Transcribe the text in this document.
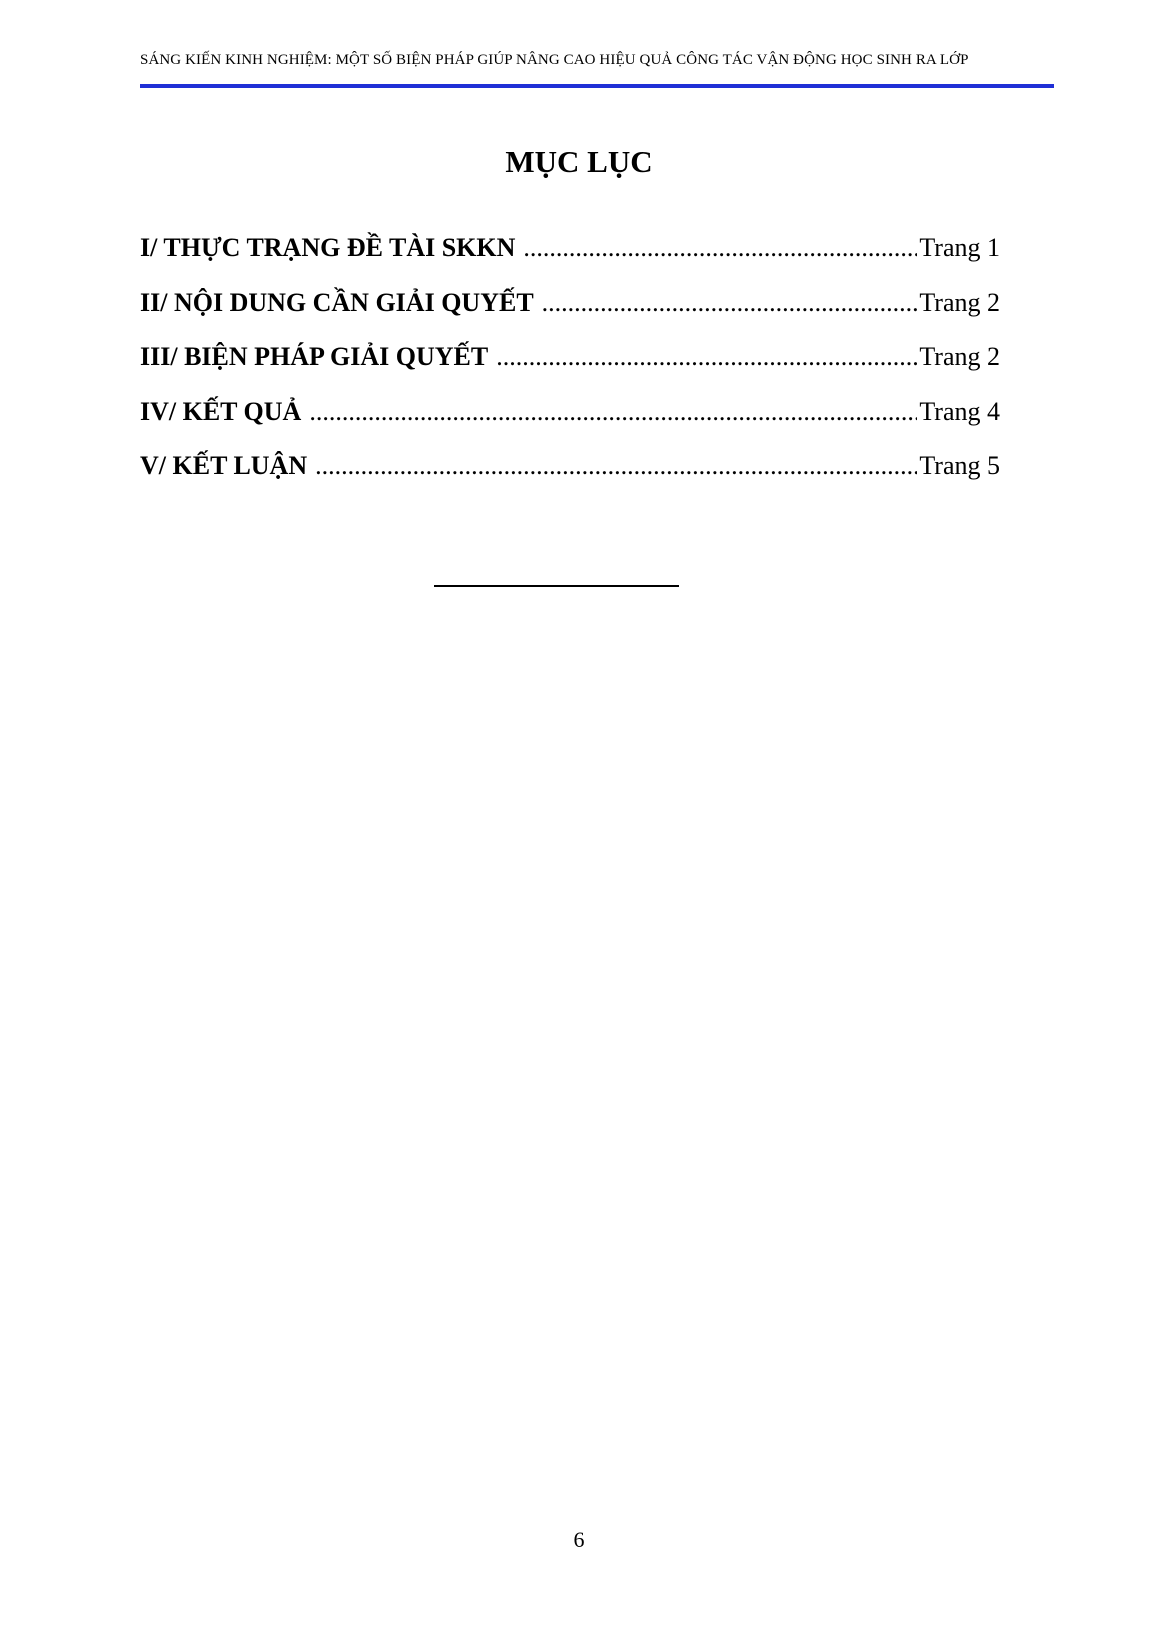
SÁNG KIẾN KINH NGHIỆM: MỘT SỐ BIỆN PHÁP GIÚP NÂNG CAO HIỆU QUẢ CÔNG TÁC VẬN ĐỘNG HỌC SINH RA LỚP
MỤC LỤC
I/ THỰC TRẠNG ĐỀ TÀI SKKN .....	Trang 1
II/ NỘI DUNG CẦN GIẢI QUYẾT .....	Trang 2
III/ BIỆN PHÁP GIẢI QUYẾT .....	Trang 2
IV/ KẾT QUẢ .....	Trang 4
V/ KẾT LUẬN .....	Trang 5
6
